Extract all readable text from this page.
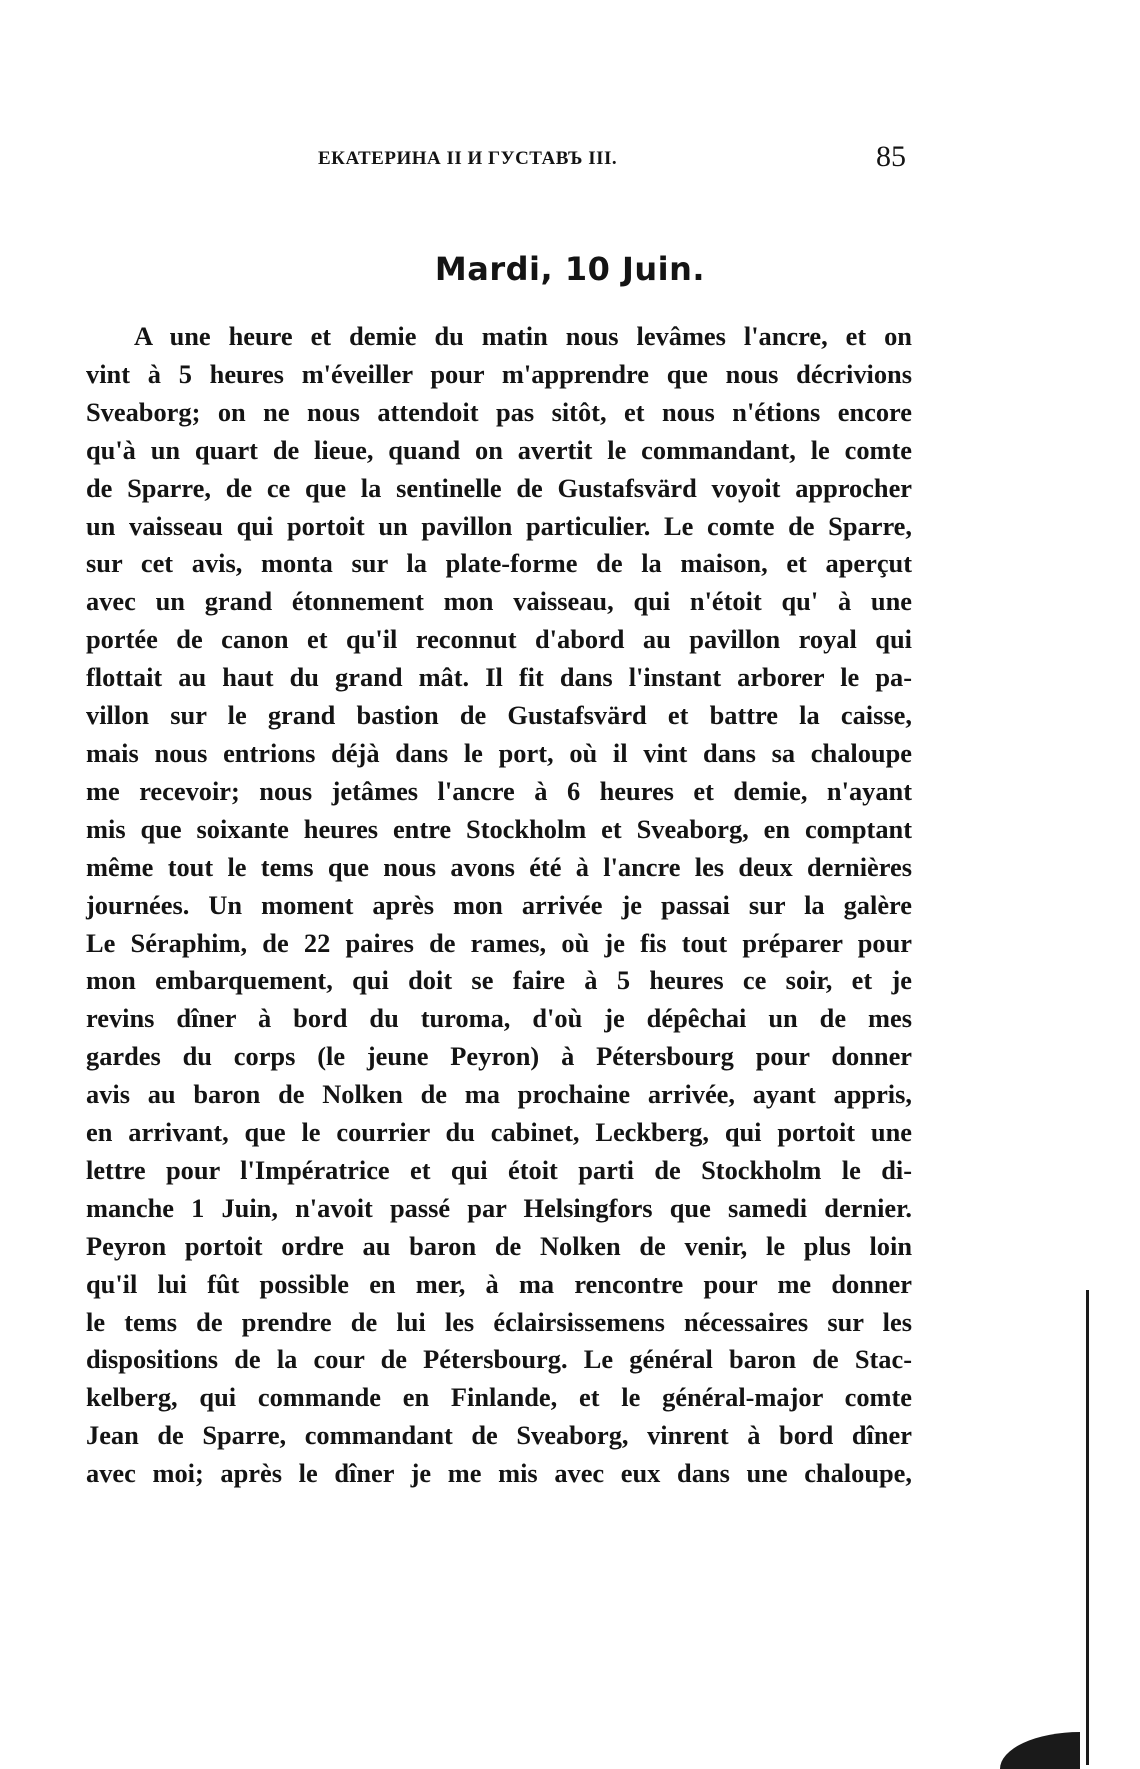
ЕКАТЕРИНА II И ГУСТАВЪ III.	85
Mardi, 10 Juin.

A une heure et demie du matin nous levâmes l'ancre, et on
vint à 5 heures m'éveiller pour m'apprendre que nous décrivions
Sveaborg; on ne nous attendoit pas sitôt, et nous n'étions encore
qu'à un quart de lieue, quand on avertit le commandant, le comte
de Sparre, de ce que la sentinelle de Gustafsvärd voyoit approcher
un vaisseau qui portoit un pavillon particulier. Le comte de Sparre,
sur cet avis, monta sur la plate-forme de la maison, et aperçut
avec un grand étonnement mon vaisseau, qui n'étoit qu' à une
portée de canon et qu'il reconnut d'abord au pavillon royal qui
flottait au haut du grand mât. Il fit dans l'instant arborer le pa-
villon sur le grand bastion de Gustafsvärd et battre la caisse,
mais nous entrions déjà dans le port, où il vint dans sa chaloupe
me recevoir; nous jetâmes l'ancre à 6 heures et demie, n'ayant
mis que soixante heures entre Stockholm et Sveaborg, en comptant
même tout le tems que nous avons été à l'ancre les deux dernières
journées. Un moment après mon arrivée je passai sur la galère
Le Séraphim, de 22 paires de rames, où je fis tout préparer pour
mon embarquement, qui doit se faire à 5 heures ce soir, et je
revins dîner à bord du turoma, d'où je dépêchai un de mes
gardes du corps (le jeune Peyron) à Pétersbourg pour donner
avis au baron de Nolken de ma prochaine arrivée, ayant appris,
en arrivant, que le courrier du cabinet, Leckberg, qui portoit une
lettre pour l'Impératrice et qui étoit parti de Stockholm le di-
manche 1 Juin, n'avoit passé par Helsingfors que samedi dernier.
Peyron portoit ordre au baron de Nolken de venir, le plus loin
qu'il lui fût possible en mer, à ma rencontre pour me donner
le tems de prendre de lui les éclairsissemens nécessaires sur les
dispositions de la cour de Pétersbourg. Le général baron de Stac-
kelberg, qui commande en Finlande, et le général-major comte
Jean de Sparre, commandant de Sveaborg, vinrent à bord dîner
avec moi; après le dîner je me mis avec eux dans une chaloupe,
